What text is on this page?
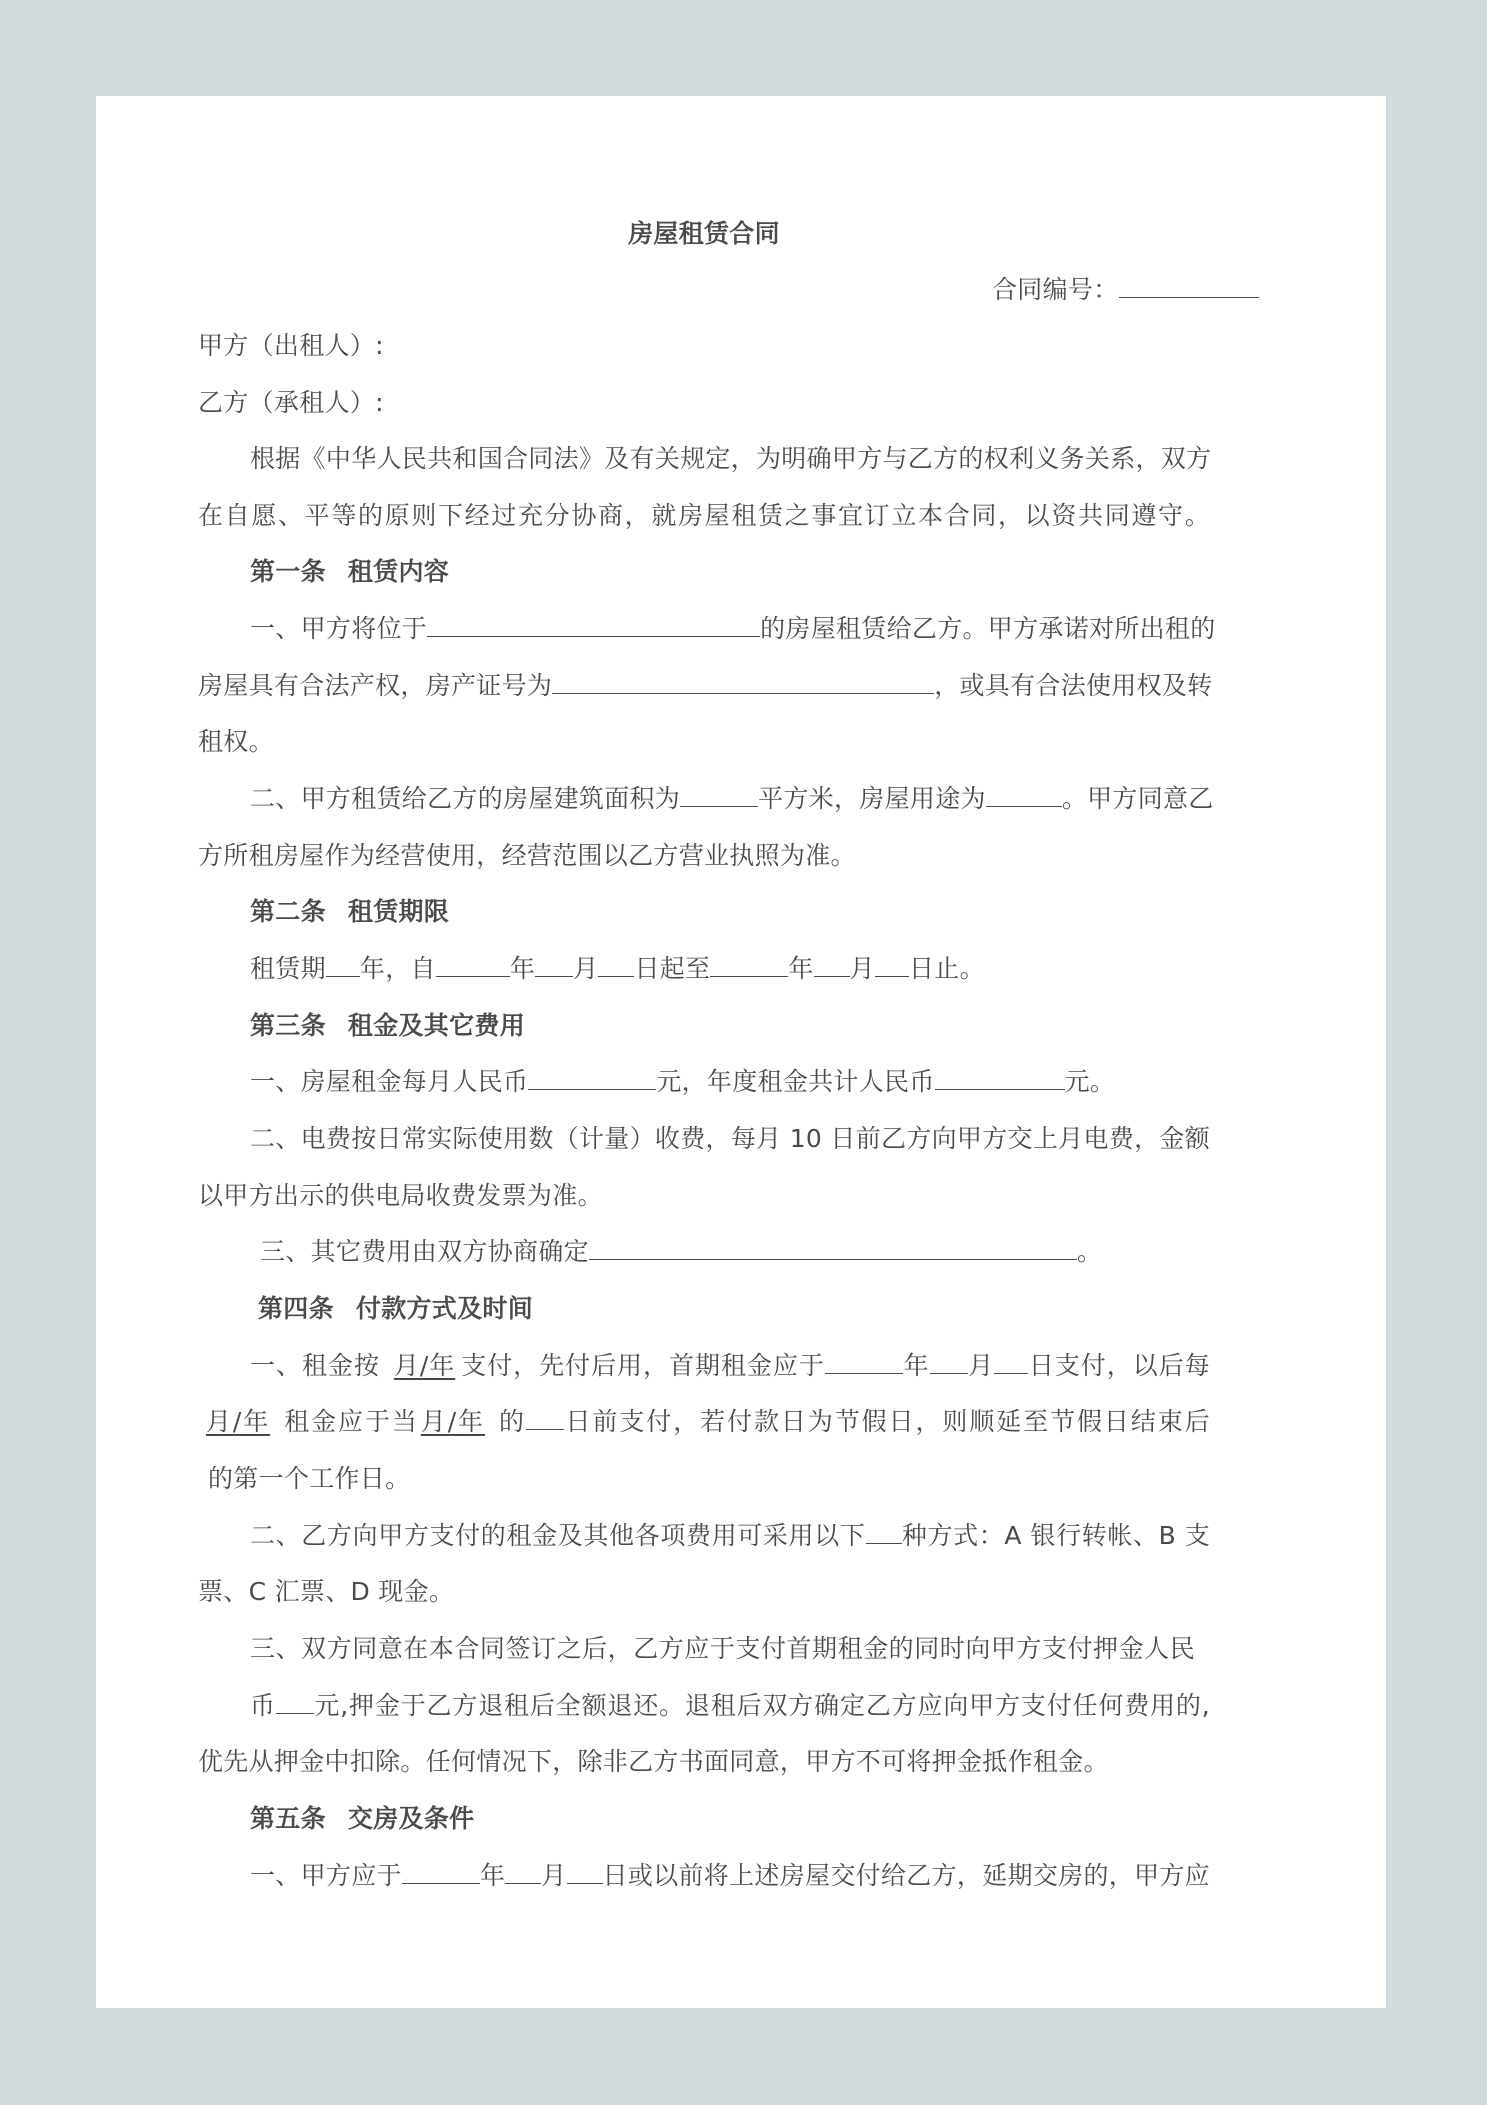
房屋租赁合同
合同编号：
甲方（出租人）:
乙方（承租人）:
根据《中华人民共和国合同法》及有关规定，为明确甲方与乙方的权利义务关系，双方
在自愿、平等的原则下经过充分协商，就房屋租赁之事宜订立本合同，以资共同遵守。
第一条 租赁内容
一、甲方将位于	的房屋租赁给乙方。甲方承诺对所出租的
房屋具有合法产权，房产证号为	，或具有合法使用权及转
租权。
二、甲方租赁给乙方的房屋建筑面积为	平方米，房屋用途为	。甲方同意乙
方所租房屋作为经营使用，经营范围以乙方营业执照为准。
第二条 租赁期限
租赁期 年，自	年 月 日起至	年 月 日止。
第三条 租金及其它费用
一、房屋租金每月人民币	元，年度租金共计人民币	元。
二、电费按日常实际使用数（计量）收费，每月 10 日前乙方向甲方交上月电费，金额
以甲方出示的供电局收费发票为准。
三、其它费用由双方协商确定	。
第四条 付款方式及时间
一、租金按 月/年 支付，先付后用，首期租金应于	年 月 日支付，以后每
月/年 租金应于当月/年 的 日前支付，若付款日为节假日，则顺延至节假日结束后
的第一个工作日。
二、乙方向甲方支付的租金及其他各项费用可采用以下 种方式：A 银行转帐、B 支
票、C 汇票、D 现金。
三、双方同意在本合同签订之后，乙方应于支付首期租金的同时向甲方支付押金人民
币 元,押金于乙方退租后全额退还。退租后双方确定乙方应向甲方支付任何费用的,
优先从押金中扣除。任何情况下，除非乙方书面同意，甲方不可将押金抵作租金。
第五条 交房及条件
一、甲方应于	年 月 日或以前将上述房屋交付给乙方，延期交房的，甲方应
